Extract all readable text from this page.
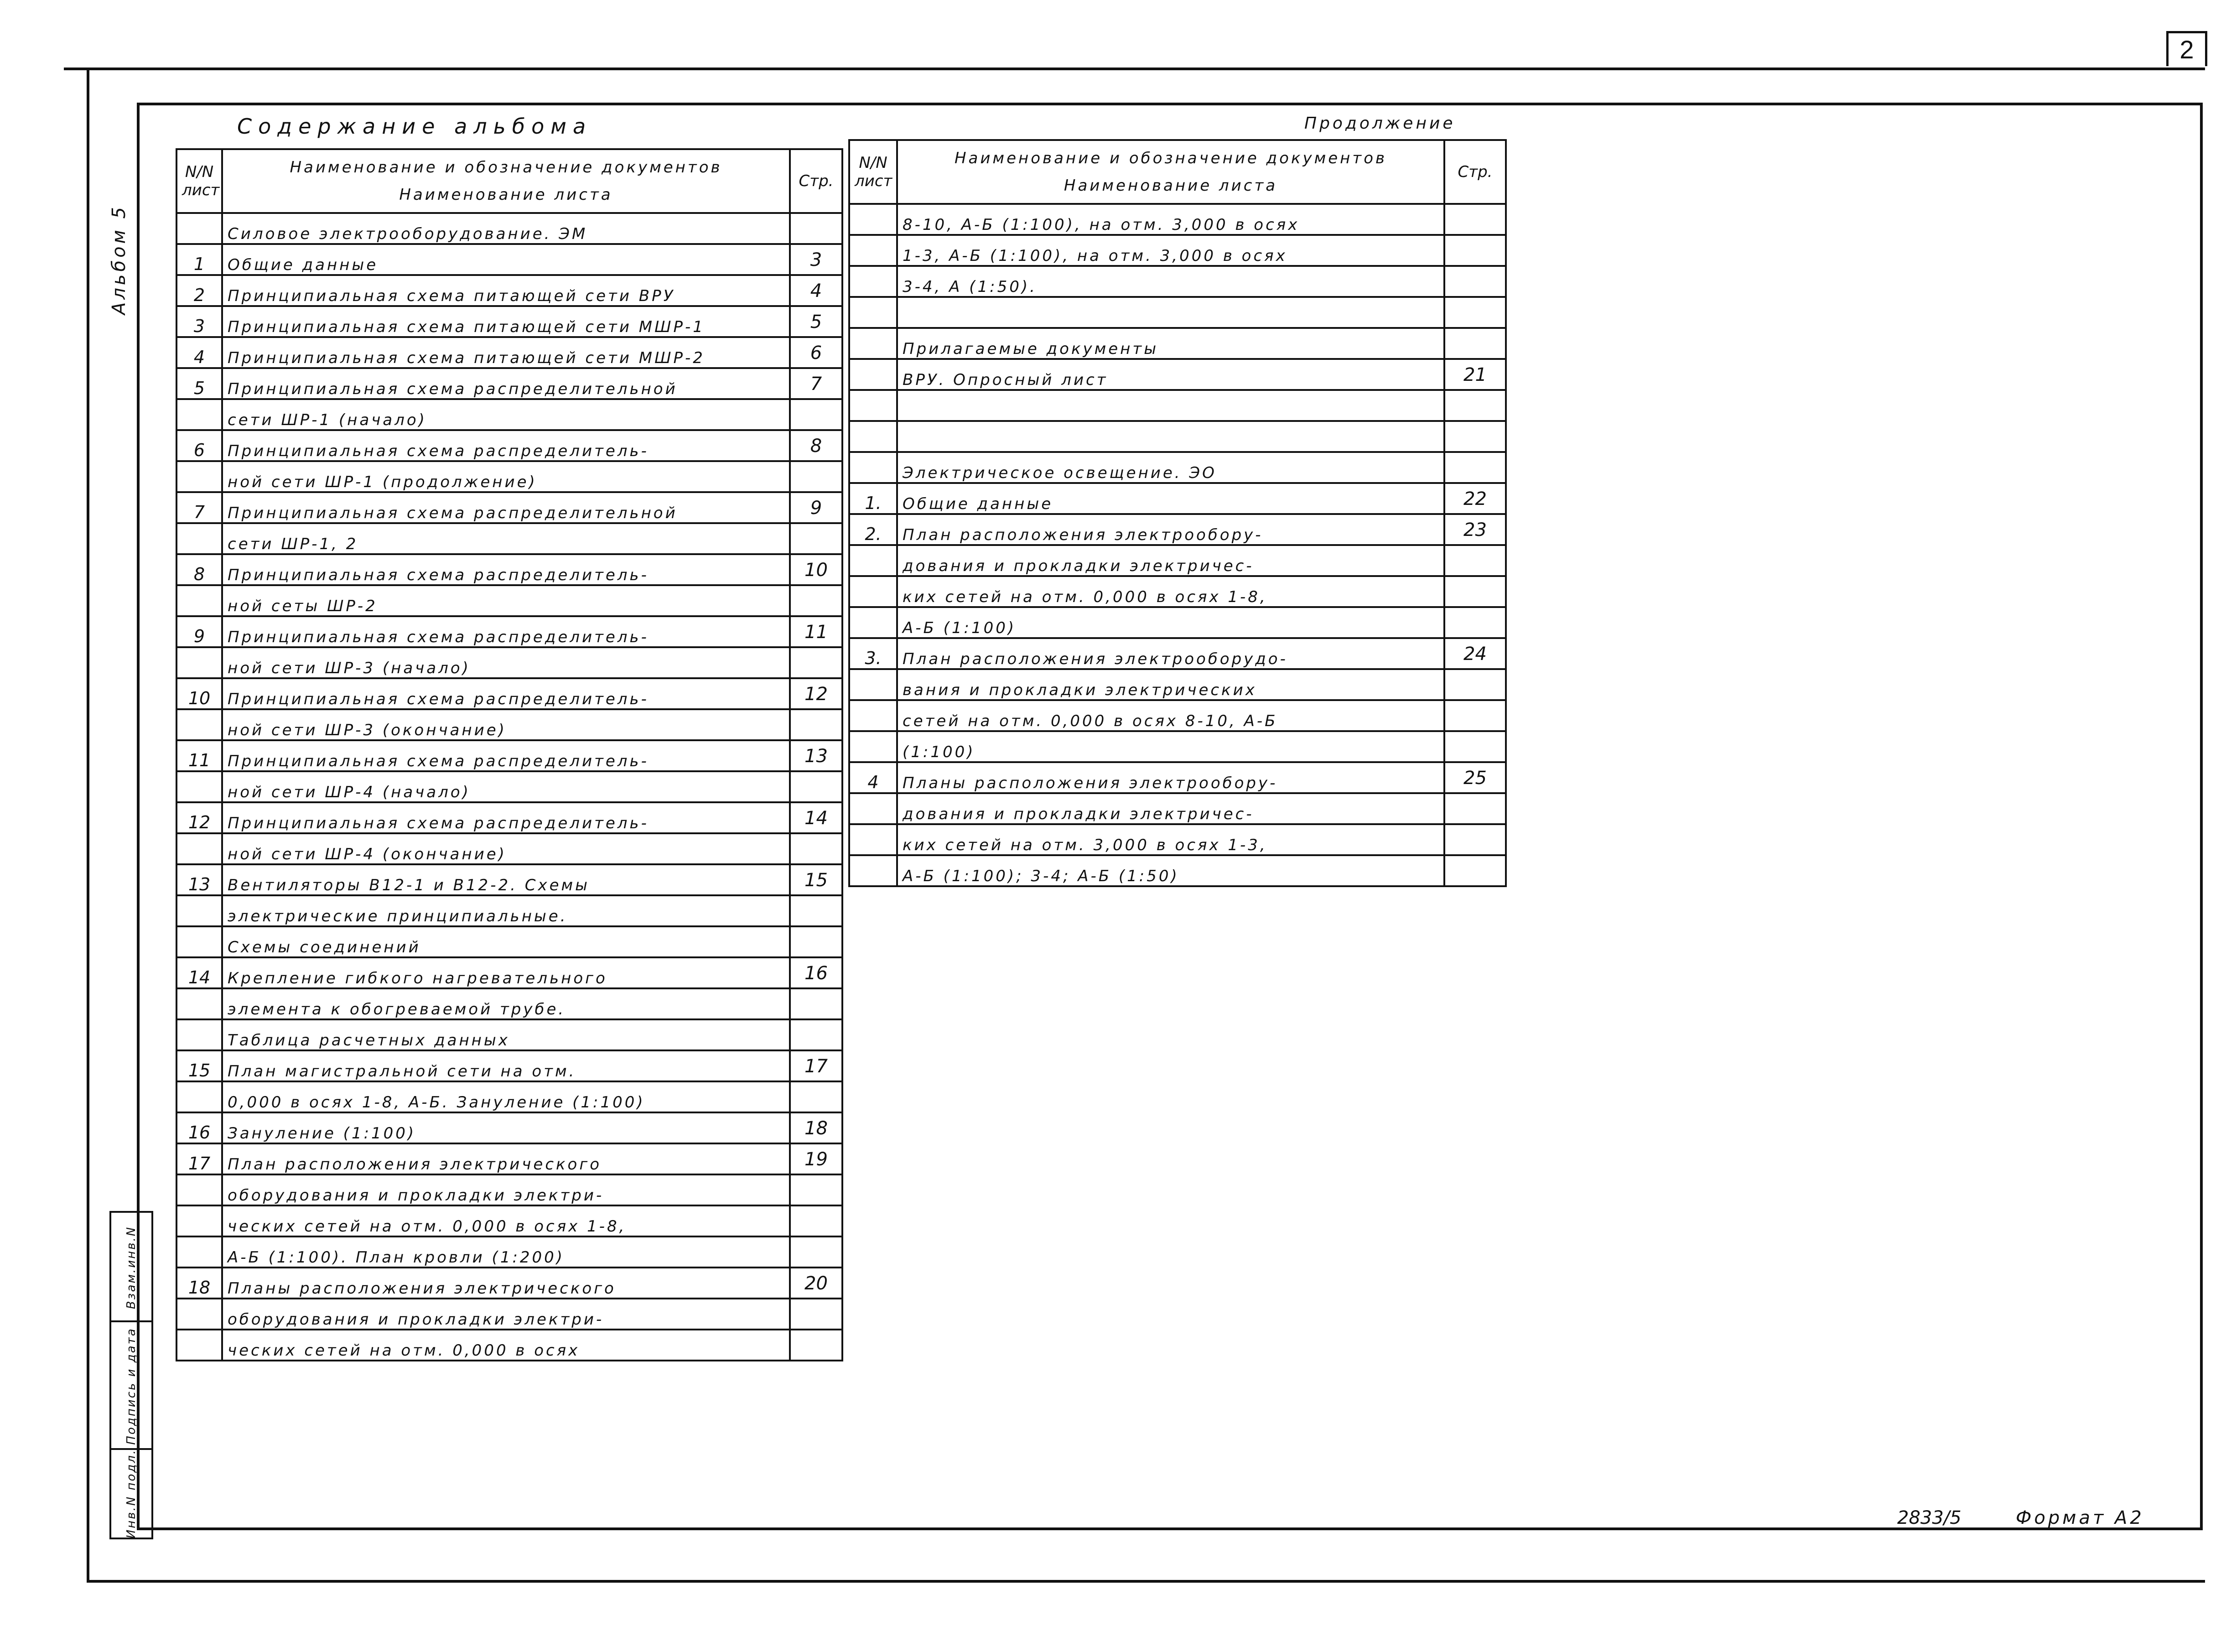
2
Альбом 5
Содержание альбома	Продолжение
N/N лист	Наименование и обозначение документов
Наименование листа	Стр.
	Силовое электрооборудование. ЭМ	
1	Общие данные	3
2	Принципиальная схема питающей сети ВРУ	4
3	Принципиальная схема питающей сети МШР-1	5
4	Принципиальная схема питающей сети МШР-2	6
5	Принципиальная схема распределительной	7
	сети ШР-1 (начало)	
6	Принципиальная схема распределитель-	8
	ной сети ШР-1 (продолжение)	
7	Принципиальная схема распределительной	9
	сети ШР-1, 2	
8	Принципиальная схема распределитель-	10
	ной сеты ШР-2	
9	Принципиальная схема распределитель-	11
	ной сети ШР-3 (начало)	
10	Принципиальная схема распределитель-	12
	ной сети ШР-3 (окончание)	
11	Принципиальная схема распределитель-	13
	ной сети ШР-4 (начало)	
12	Принципиальная схема распределитель-	14
	ной сети ШР-4 (окончание)	
13	Вентиляторы В12-1 и В12-2. Схемы	15
	электрические принципиальные.	
	Схемы соединений	
14	Крепление гибкого нагревательного	16
	элемента к обогреваемой трубе.	
	Таблица расчетных данных	
15	План магистральной сети на отм.	17
	0,000 в осях 1-8, А-Б. Зануление (1:100)	
16	Зануление (1:100)	18
17	План расположения электрического	19
	оборудования и прокладки электри-	
	ческих сетей на отм. 0,000 в осях 1-8,	
	А-Б (1:100). План кровли (1:200)	
18	Планы расположения электрического	20
	оборудования и прокладки электри-	
	ческих сетей на отм. 0,000 в осях	
N/N лист	Наименование и обозначение документов
Наименование листа	Стр.
	8-10, А-Б (1:100), на отм. 3,000 в осях	
	1-3, А-Б (1:100), на отм. 3,000 в осях	
	3-4, А (1:50).	

	Прилагаемые документы	
	ВРУ. Опросный лист	21

	Электрическое освещение. ЭО	
1.	Общие данные	22
2.	План расположения электрообору-	23
	дования и прокладки электричес-	
	ких сетей на отм. 0,000 в осях 1-8,	
	А-Б (1:100)	
3.	План расположения электрооборудо-	24
	вания и прокладки электрических	
	сетей на отм. 0,000 в осях 8-10, А-Б	
	(1:100)	
4	Планы расположения электрообору-	25
	дования и прокладки электричес-	
	ких сетей на отм. 3,000 в осях 1-3,	
	А-Б (1:100); 3-4; А-Б (1:50)	
Взам.инв.N
Подпись и дата
Инв.N подл.	2833/5	Формат А2
